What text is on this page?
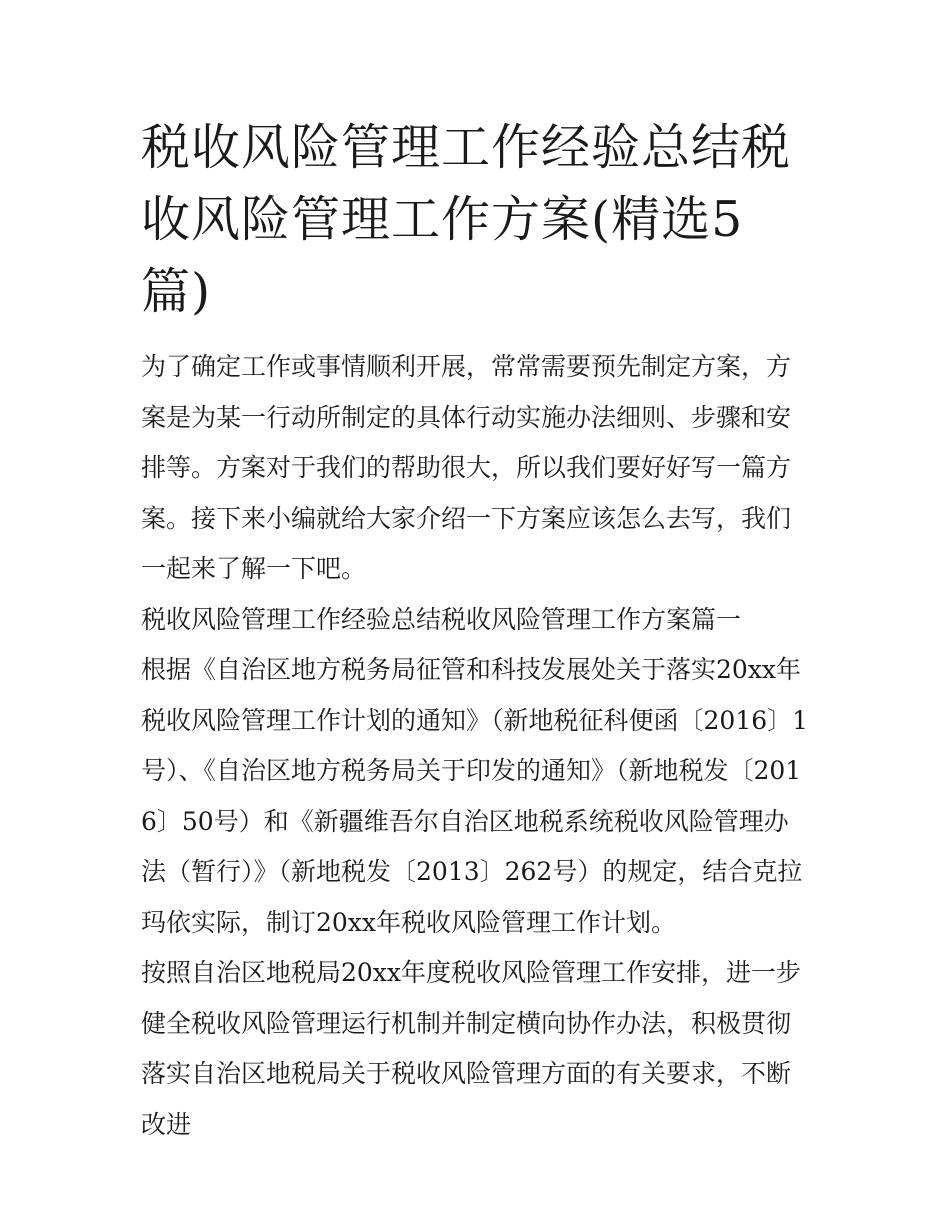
税收风险管理工作经验总结税收风险管理工作方案(精选5篇)

为了确定工作或事情顺利开展，常常需要预先制定方案，方案是为某一行动所制定的具体行动实施办法细则、步骤和安排等。方案对于我们的帮助很大，所以我们要好好写一篇方案。接下来小编就给大家介绍一下方案应该怎么去写，我们一起来了解一下吧。

税收风险管理工作经验总结税收风险管理工作方案篇一

根据《自治区地方税务局征管和科技发展处关于落实20xx年税收风险管理工作计划的通知》（新地税征科便函〔2016〕1号）、《自治区地方税务局关于印发的通知》（新地税发〔2016〕50号）和《新疆维吾尔自治区地税系统税收风险管理办法（暂行）》（新地税发〔2013〕262号）的规定，结合克拉玛依实际，制订20xx年税收风险管理工作计划。

按照自治区地税局20xx年度税收风险管理工作安排，进一步健全税收风险管理运行机制并制定横向协作办法，积极贯彻落实自治区地税局关于税收风险管理方面的有关要求，不断改进
